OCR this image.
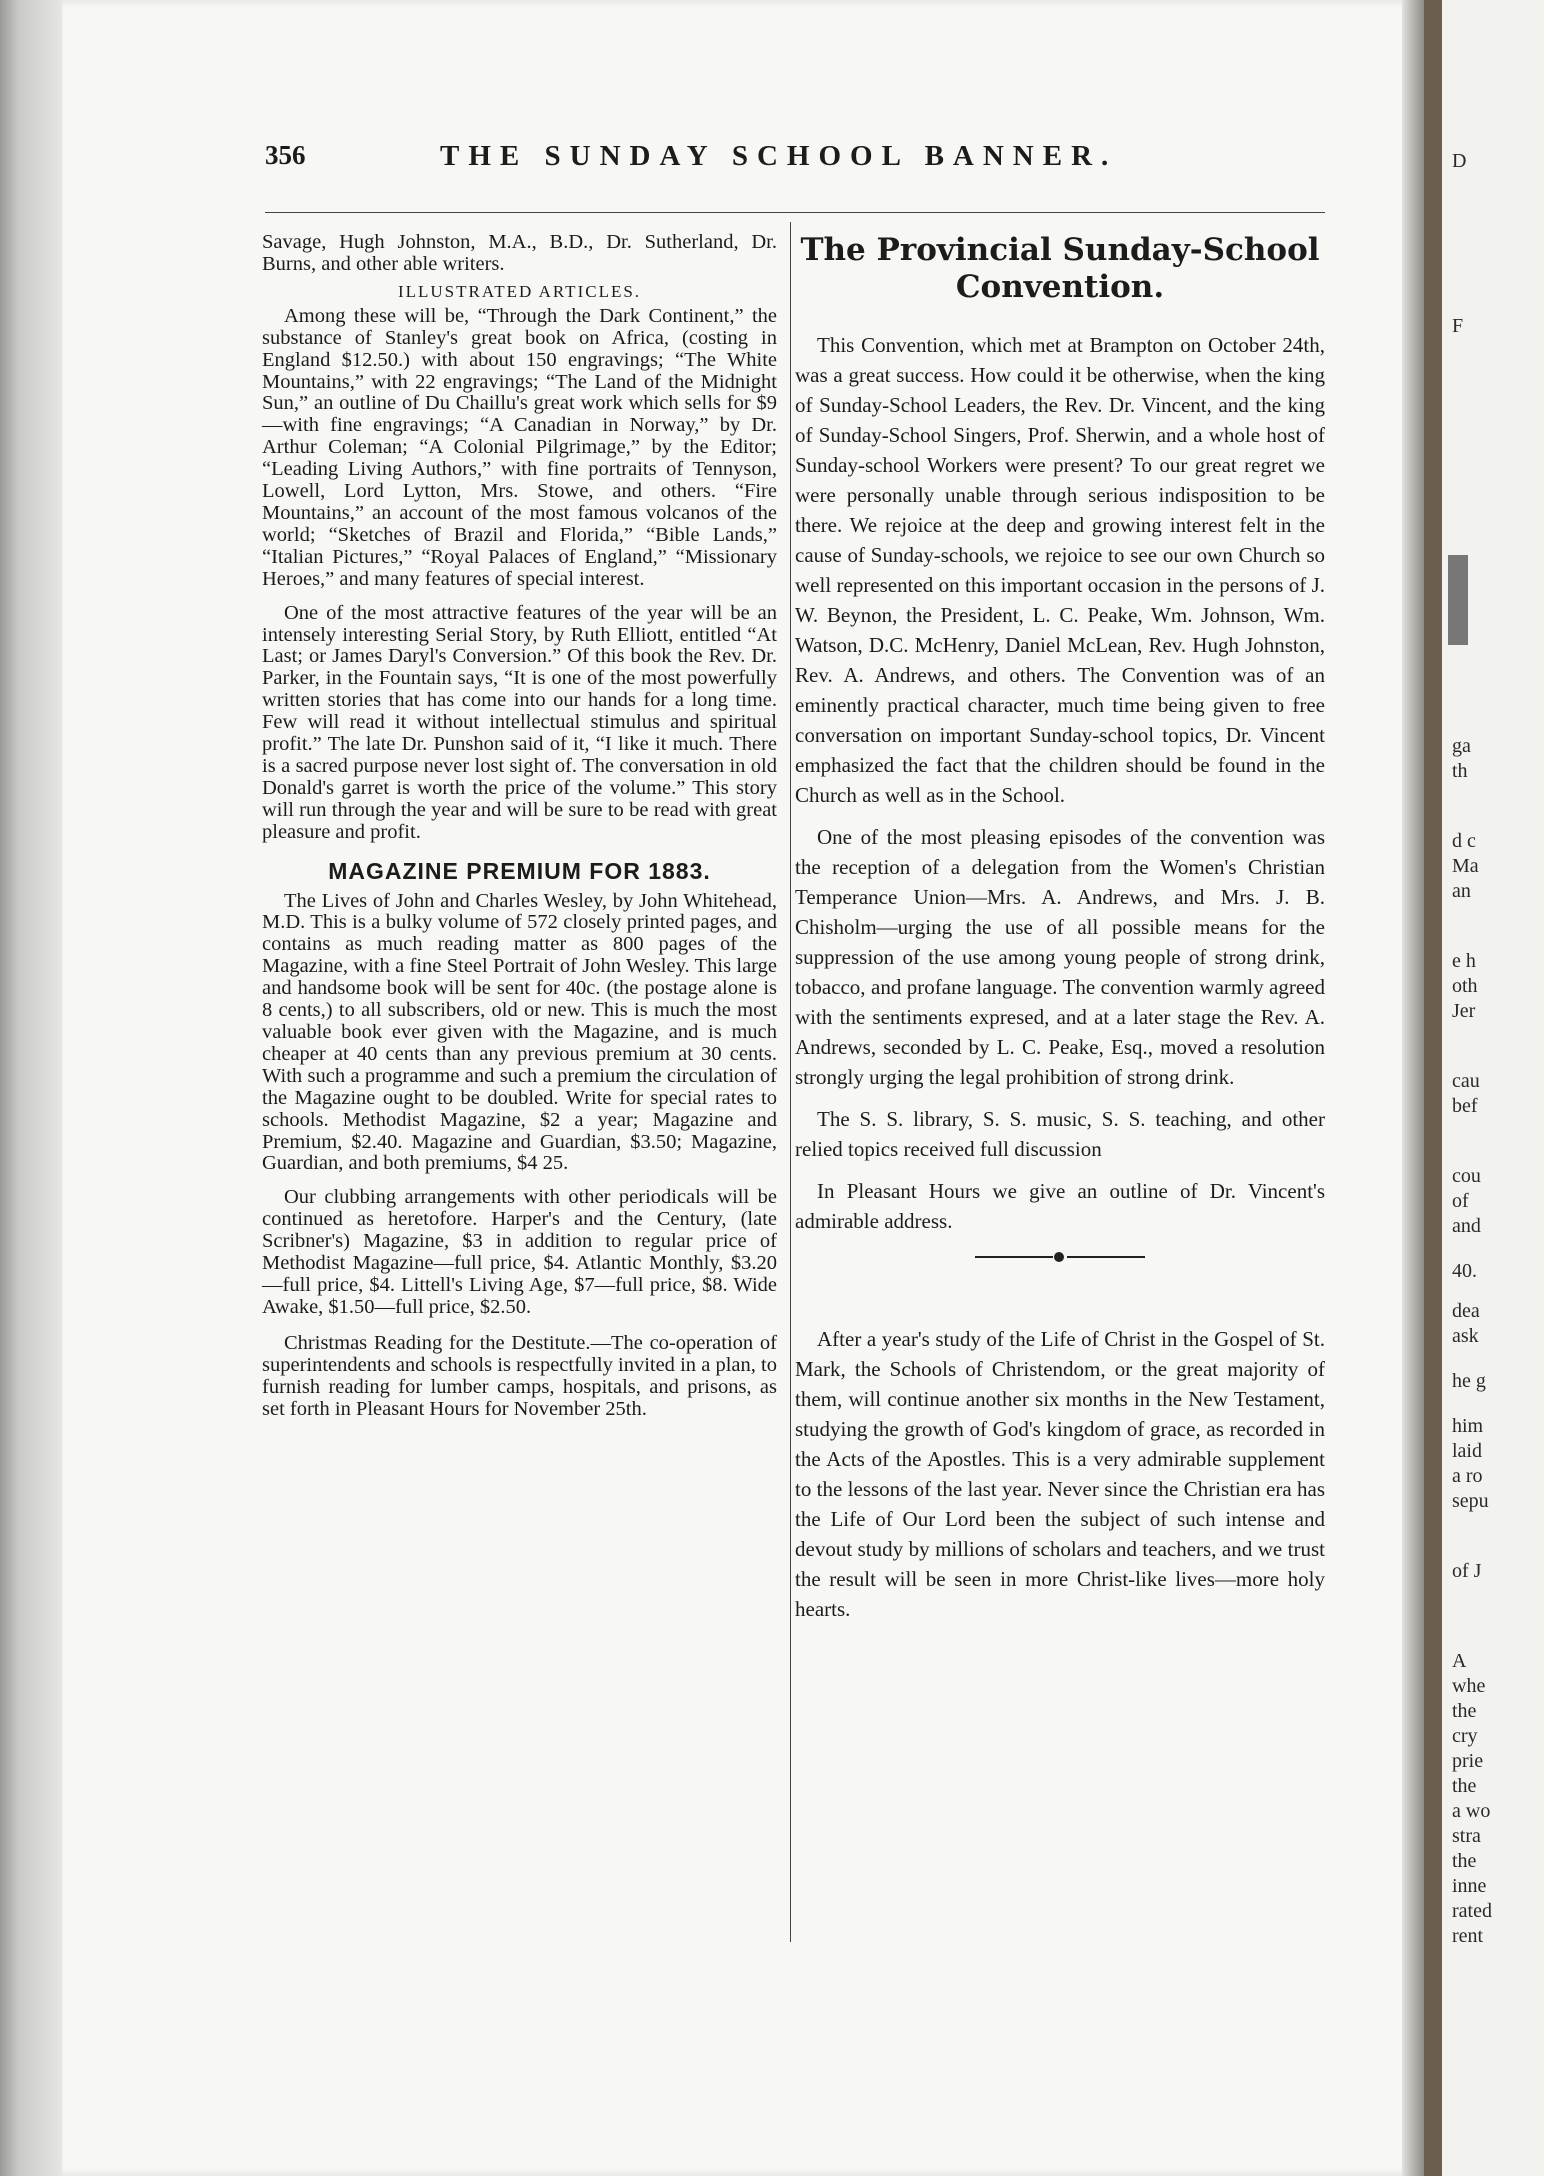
356	THE SUNDAY SCHOOL BANNER.

Savage, Hugh Johnston, M.A., B.D., Dr. Sutherland, Dr. Burns, and other able writers.

ILLUSTRATED ARTICLES.

Among these will be, “Through the Dark Continent,” the substance of Stanley's great book on Africa, (costing in England $12.50.) with about 150 engravings; “The White Mountains,” with 22 engravings; “The Land of the Midnight Sun,” an outline of Du Chaillu's great work which sells for $9—with fine engravings; “A Canadian in Norway,” by Dr. Arthur Coleman; “A Colonial Pilgrimage,” by the Editor; “Leading Living Authors,” with fine portraits of Tennyson, Lowell, Lord Lytton, Mrs. Stowe, and others. “Fire Mountains,” an account of the most famous volcanos of the world; “Sketches of Brazil and Florida,” “Bible Lands,” “Italian Pictures,” “Royal Palaces of England,” “Missionary Heroes,” and many features of special interest.

One of the most attractive features of the year will be an intensely interesting Serial Story, by Ruth Elliott, entitled “At Last; or James Daryl's Conversion.” Of this book the Rev. Dr. Parker, in the Fountain says, “It is one of the most powerfully written stories that has come into our hands for a long time. Few will read it without intellectual stimulus and spiritual profit.” The late Dr. Punshon said of it, “I like it much. There is a sacred purpose never lost sight of. The conversation in old Donald's garret is worth the price of the volume.” This story will run through the year and will be sure to be read with great pleasure and profit.

MAGAZINE PREMIUM FOR 1883.

The Lives of John and Charles Wesley, by John Whitehead, M.D. This is a bulky volume of 572 closely printed pages, and contains as much reading matter as 800 pages of the Magazine, with a fine Steel Portrait of John Wesley. This large and handsome book will be sent for 40c. (the postage alone is 8 cents,) to all subscribers, old or new. This is much the most valuable book ever given with the Magazine, and is much cheaper at 40 cents than any previous premium at 30 cents. With such a programme and such a premium the circulation of the Magazine ought to be doubled. Write for special rates to schools. Methodist Magazine, $2 a year; Magazine and Premium, $2.40. Magazine and Guardian, $3.50; Magazine, Guardian, and both premiums, $4 25.

Our clubbing arrangements with other periodicals will be continued as heretofore. Harper's and the Century, (late Scribner's) Magazine, $3 in addition to regular price of Methodist Magazine—full price, $4. Atlantic Monthly, $3.20—full price, $4. Littell's Living Age, $7—full price, $8. Wide Awake, $1.50—full price, $2.50.

Christmas Reading for the Destitute.—The co-operation of superintendents and schools is respectfully invited in a plan, to furnish reading for lumber camps, hospitals, and prisons, as set forth in Pleasant Hours for November 25th.

The Provincial Sunday-School Convention.

This Convention, which met at Brampton on October 24th, was a great success. How could it be otherwise, when the king of Sunday-School Leaders, the Rev. Dr. Vincent, and the king of Sunday-School Singers, Prof. Sherwin, and a whole host of Sunday-school Workers were present? To our great regret we were personally unable through serious indisposition to be there. We rejoice at the deep and growing interest felt in the cause of Sunday-schools, we rejoice to see our own Church so well represented on this important occasion in the persons of J. W. Beynon, the President, L. C. Peake, Wm. Johnson, Wm. Watson, D.C. McHenry, Daniel McLean, Rev. Hugh Johnston, Rev. A. Andrews, and others. The Convention was of an eminently practical character, much time being given to free conversation on important Sunday-school topics, Dr. Vincent emphasized the fact that the children should be found in the Church as well as in the School.

One of the most pleasing episodes of the convention was the reception of a delegation from the Women's Christian Temperance Union—Mrs. A. Andrews, and Mrs. J. B. Chisholm—urging the use of all possible means for the suppression of the use among young people of strong drink, tobacco, and profane language. The convention warmly agreed with the sentiments expresed, and at a later stage the Rev. A. Andrews, seconded by L. C. Peake, Esq., moved a resolution strongly urging the legal prohibition of strong drink.

The S. S. library, S. S. music, S. S. teaching, and other relied topics received full discussion

In Pleasant Hours we give an outline of Dr. Vincent's admirable address.

After a year's study of the Life of Christ in the Gospel of St. Mark, the Schools of Christendom, or the great majority of them, will continue another six months in the New Testament, studying the growth of God's kingdom of grace, as recorded in the Acts of the Apostles. This is a very admirable supplement to the lessons of the last year. Never since the Christian era has the Life of Our Lord been the subject of such intense and devout study by millions of scholars and teachers, and we trust the result will be seen in more Christ-like lives—more holy hearts.

D
F
ga
th
d c
Ma
an
e h
oth
Jer
cau
bef
cou
of
and
40.
dea
ask
he g
him
laid
a ro
sepu
of J
A
whe
the
cry
prie
the
a wo
stra
the
inne
rated
rent
